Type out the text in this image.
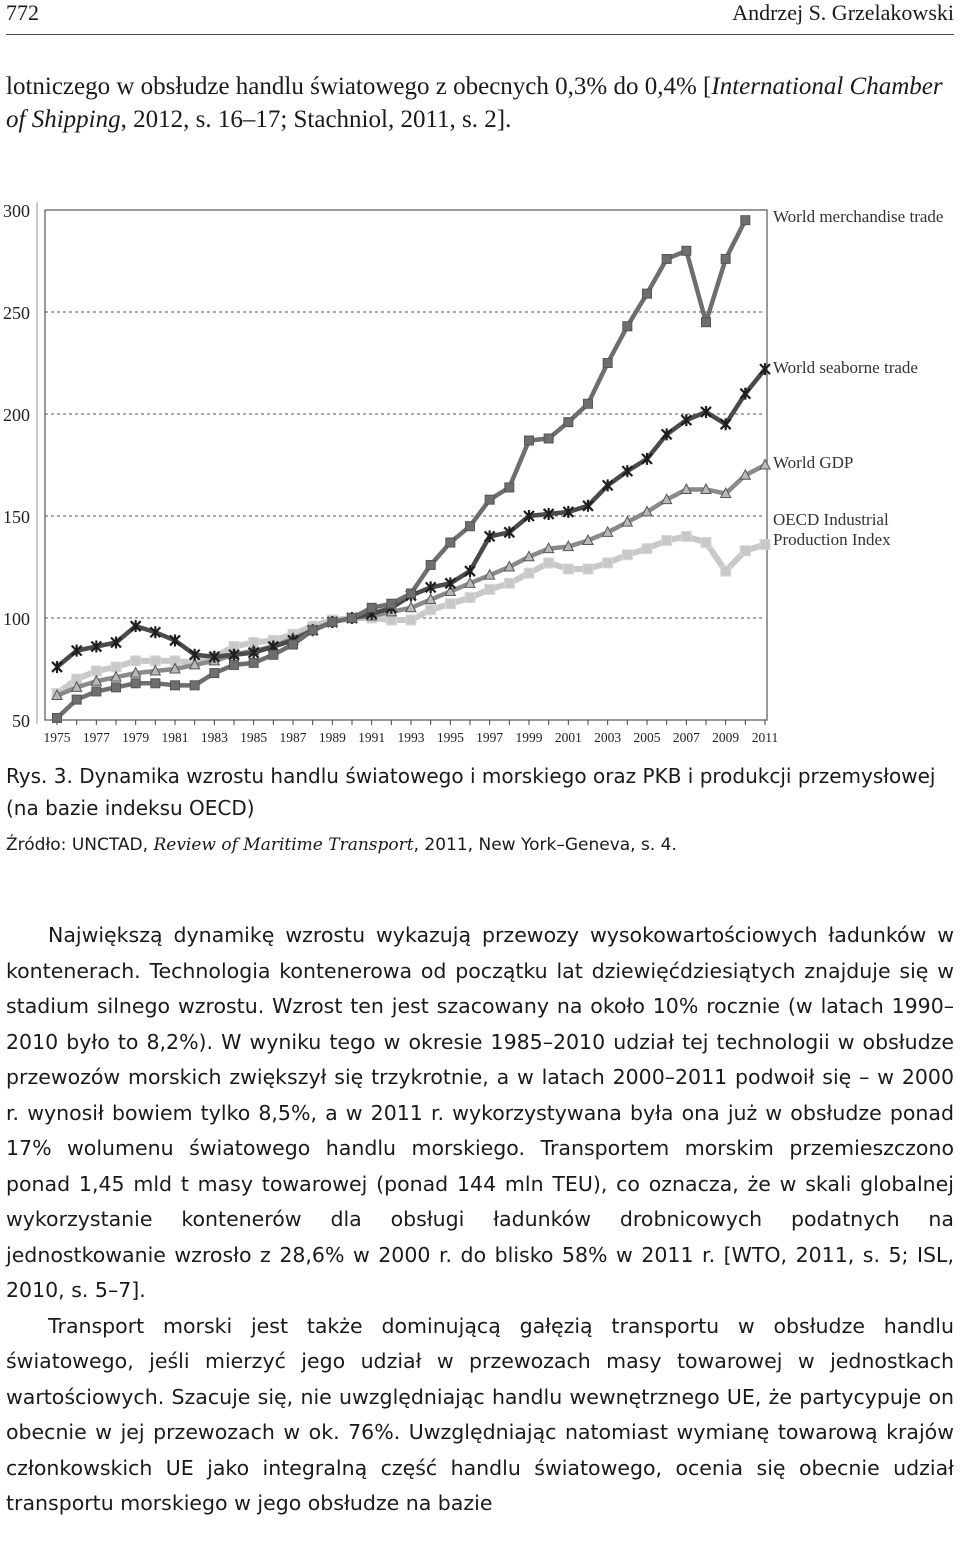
772	Andrzej S. Grzelakowski

lotniczego w obsłudze handlu światowego z obecnych 0,3% do 0,4% [International Chamber of Shipping, 2012, s. 16–17; Stachniol, 2011, s. 2].

300
250
200
150
100
50
1975 1977 1979 1981 1983 1985 1987 1989 1991 1993 1995 1997 1999 2001 2003 2005 2007 2009 2011
World merchandise trade
World seaborne trade
World GDP
OECD Industrial
Production Index

Rys. 3. Dynamika wzrostu handlu światowego i morskiego oraz PKB i produkcji przemysłowej (na bazie indeksu OECD)

Źródło: UNCTAD, Review of Maritime Transport, 2011, New York–Geneva, s. 4.

Największą dynamikę wzrostu wykazują przewozy wysokowartościowych ładunków w kontenerach. Technologia kontenerowa od początku lat dziewięćdziesiątych znajduje się w stadium silnego wzrostu. Wzrost ten jest szacowany na około 10% rocznie (w latach 1990–2010 było to 8,2%). W wyniku tego w okresie 1985–2010 udział tej technologii w obsłudze przewozów morskich zwiększył się trzykrotnie, a w latach 2000–2011 podwoił się – w 2000 r. wynosił bowiem tylko 8,5%, a w 2011 r. wykorzystywana była ona już w obsłudze ponad 17% wolumenu światowego handlu morskiego. Transportem morskim przemieszczono ponad 1,45 mld t masy towarowej (ponad 144 mln TEU), co oznacza, że w skali globalnej wykorzystanie kontenerów dla obsługi ładunków drobnicowych podatnych na jednostkowanie wzrosło z 28,6% w 2000 r. do blisko 58% w 2011 r. [WTO, 2011, s. 5; ISL, 2010, s. 5–7].

Transport morski jest także dominującą gałęzią transportu w obsłudze handlu światowego, jeśli mierzyć jego udział w przewozach masy towarowej w jednostkach wartościowych. Szacuje się, nie uwzględniając handlu wewnętrznego UE, że partycypuje on obecnie w jej przewozach w ok. 76%. Uwzględniając natomiast wymianę towarową krajów członkowskich UE jako integralną część handlu światowego, ocenia się obecnie udział transportu morskiego w jego obsłudze na bazie
